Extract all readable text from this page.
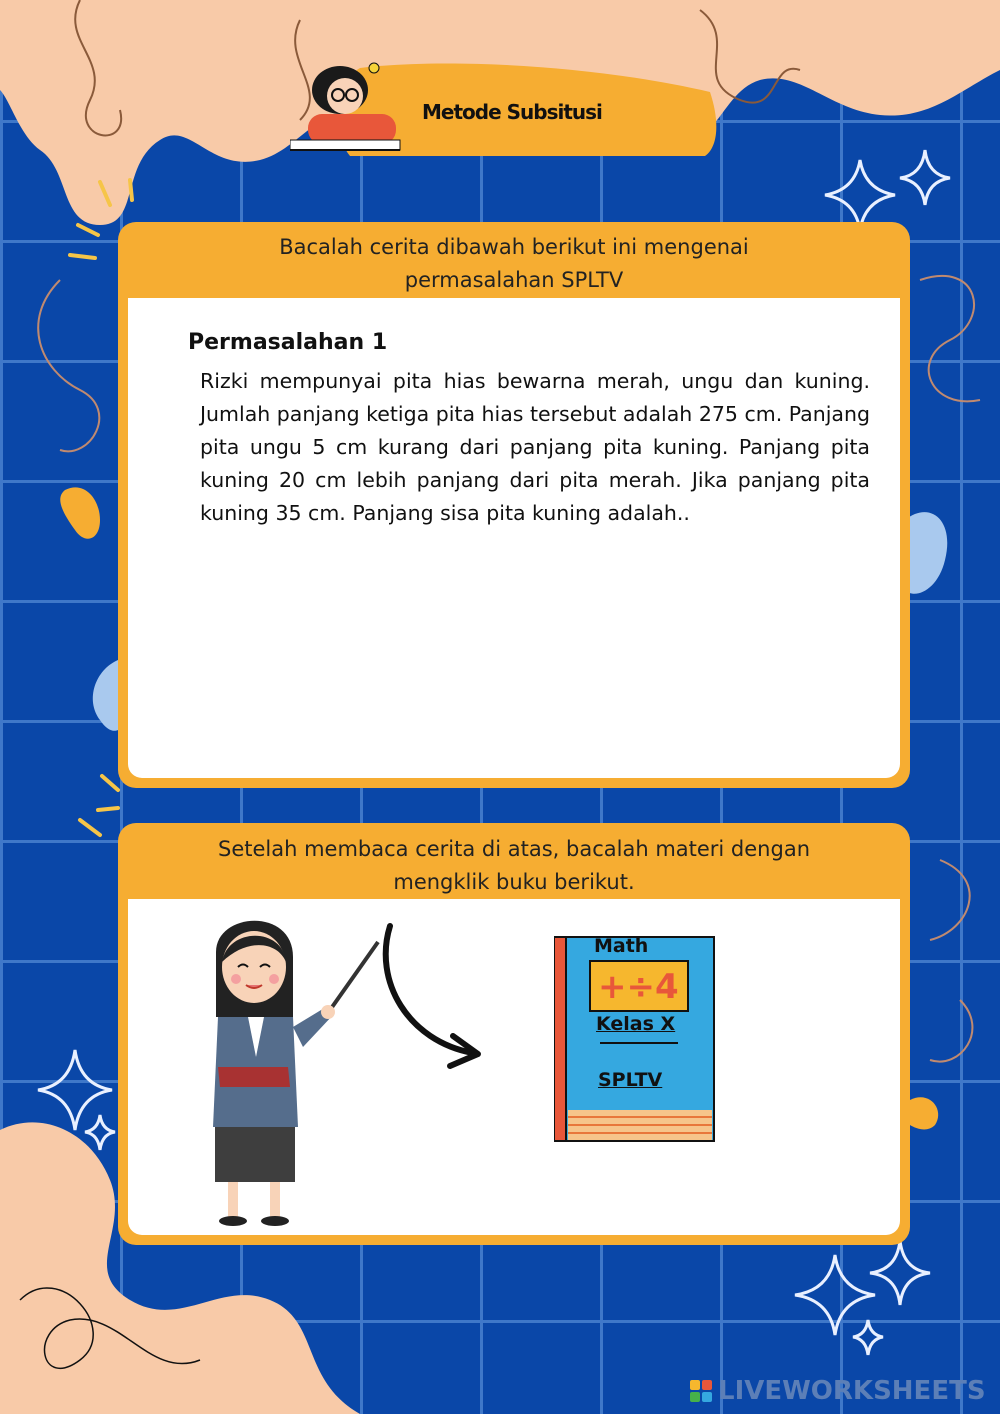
Metode Subsitusi
Bacalah cerita dibawah berikut ini mengenai
permasalahan SPLTV
Permasalahan 1
Rizki mempunyai pita hias bewarna merah, ungu dan kuning. Jumlah panjang ketiga pita hias tersebut adalah 275 cm. Panjang pita ungu 5 cm kurang dari panjang pita kuning. Panjang pita kuning 20 cm lebih panjang dari pita merah. Jika panjang pita kuning 35 cm. Panjang sisa pita kuning adalah..
Setelah membaca cerita di atas, bacalah materi dengan
mengklik buku berikut.
+÷4
Math
Kelas X
SPLTV
LIVEWORKSHEETS
